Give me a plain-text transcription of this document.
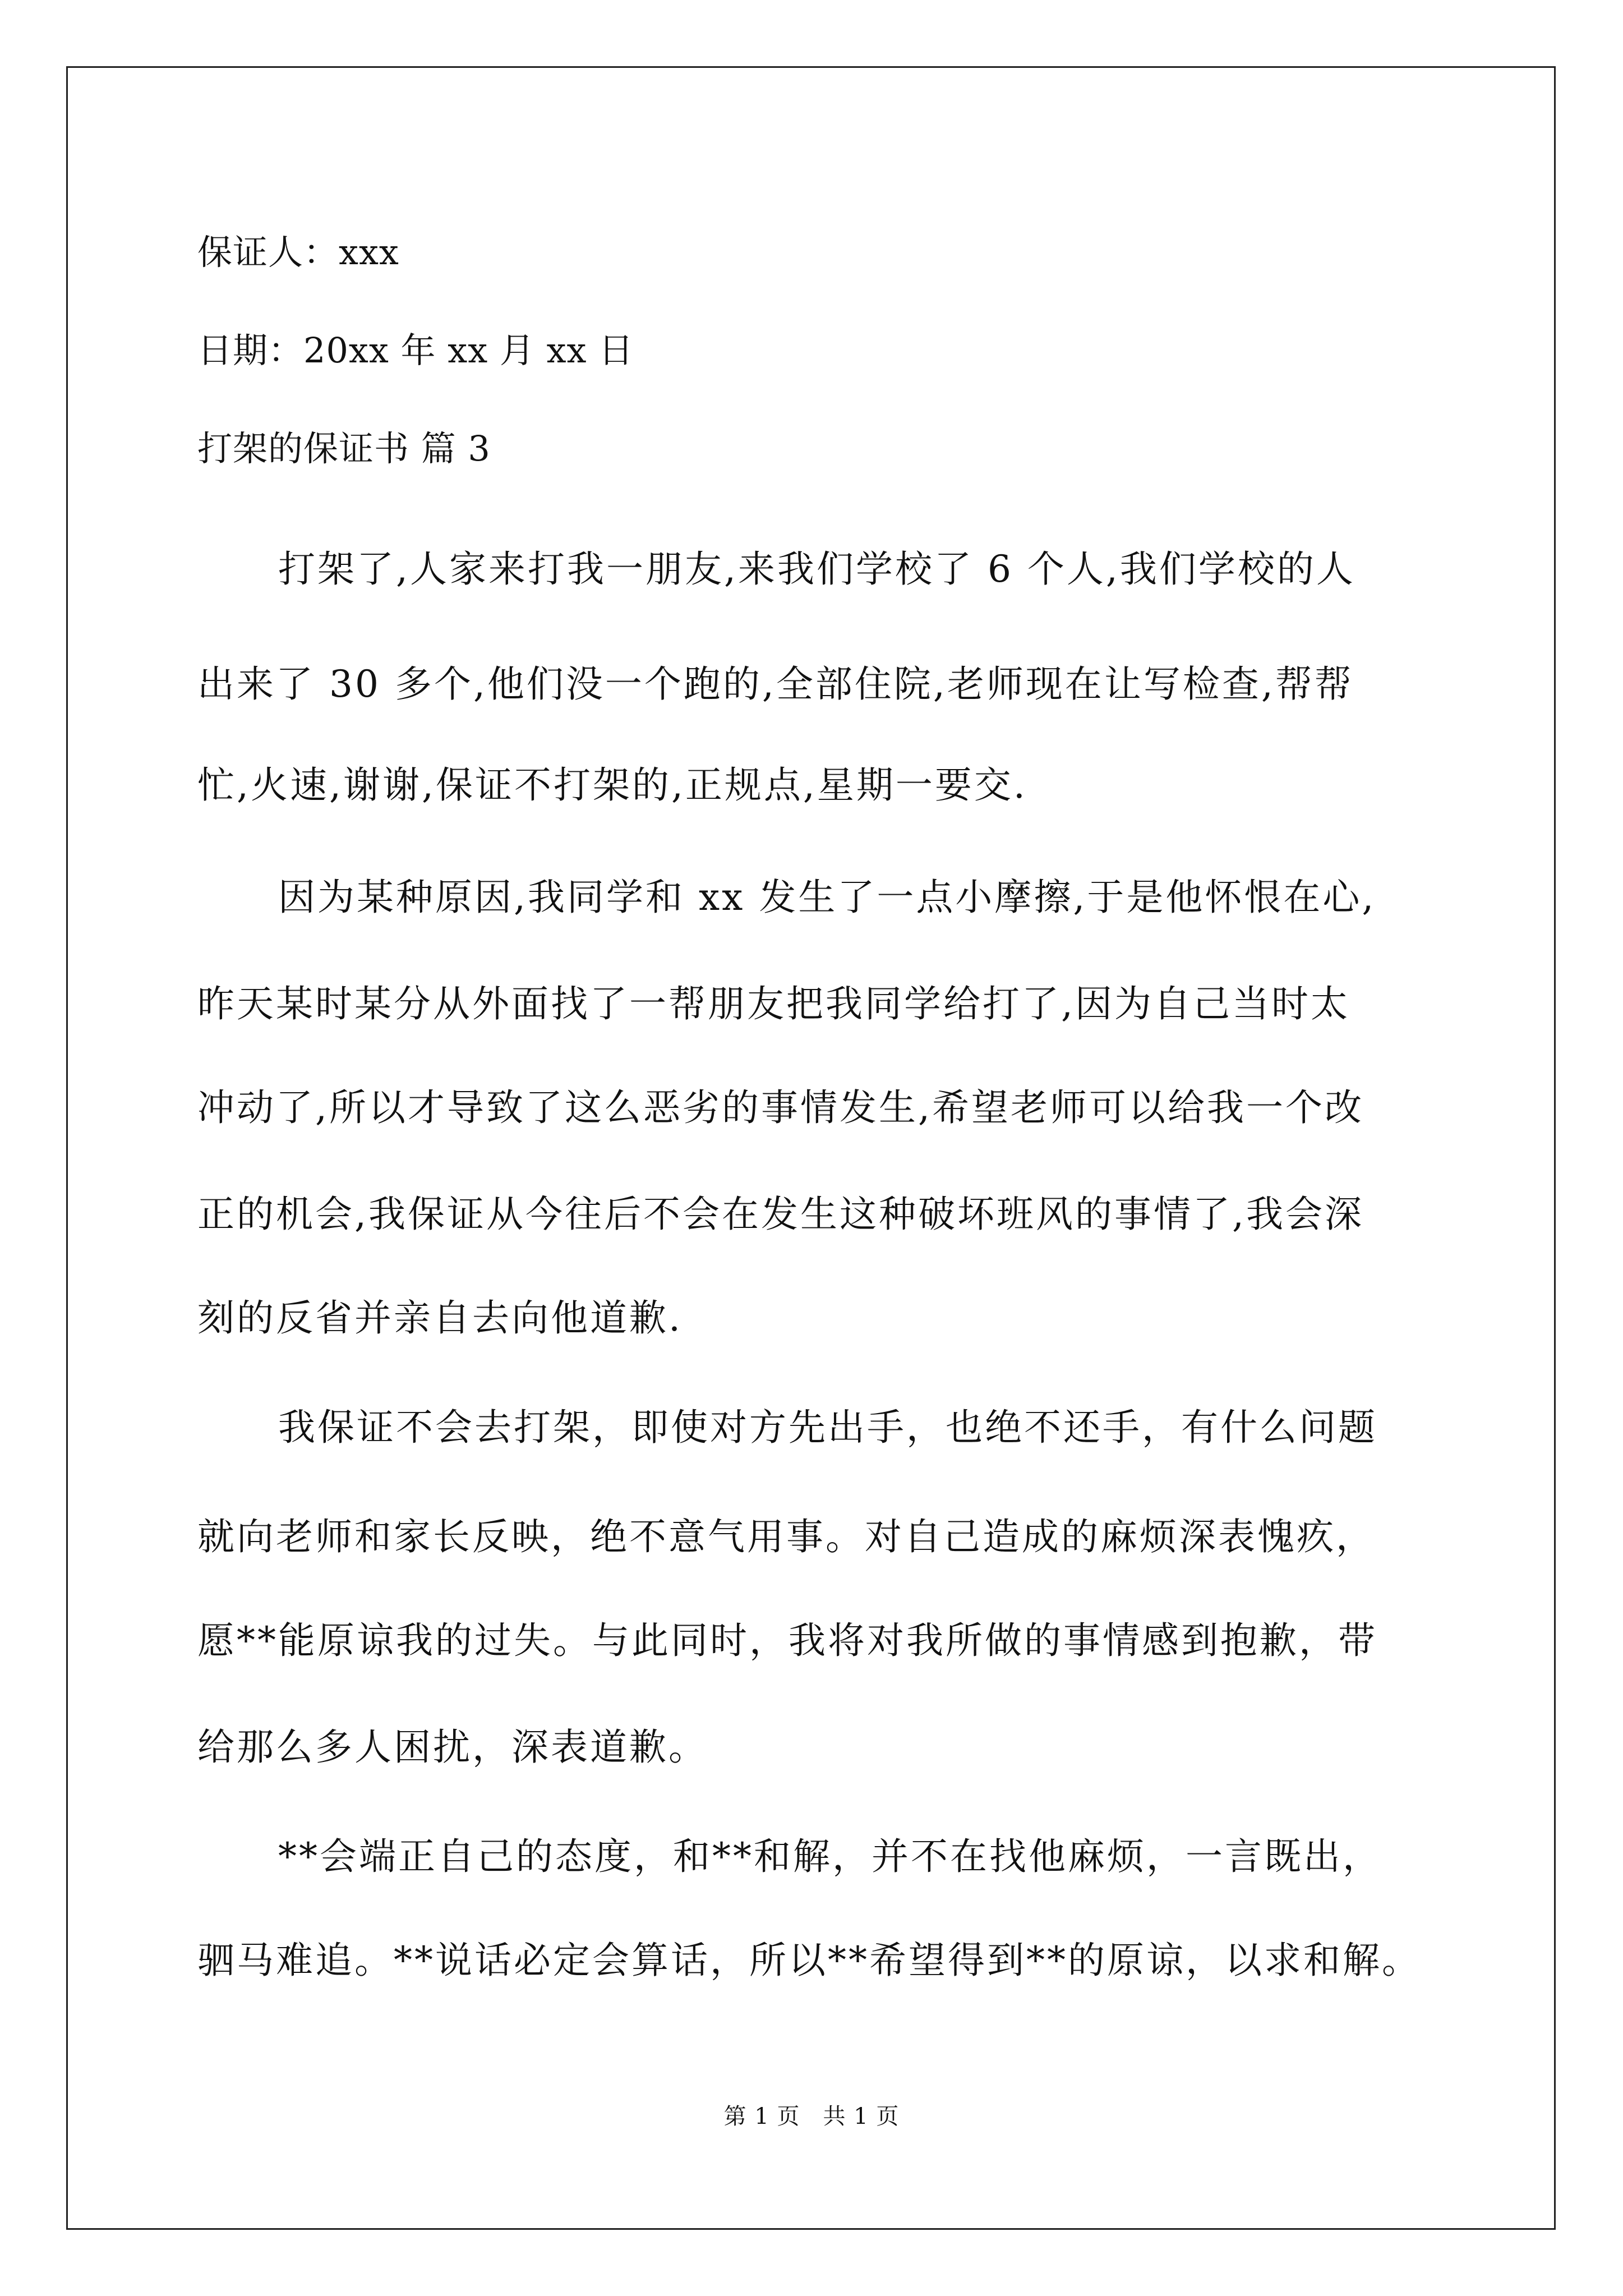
保证人：xxx
日期：20xx 年 xx 月 xx 日
打架的保证书 篇 3
打架了,人家来打我一朋友,来我们学校了 6 个人,我们学校的人
出来了 30 多个,他们没一个跑的,全部住院,老师现在让写检查,帮帮
忙,火速,谢谢,保证不打架的,正规点,星期一要交.
因为某种原因,我同学和 xx 发生了一点小摩擦,于是他怀恨在心,
昨天某时某分从外面找了一帮朋友把我同学给打了,因为自己当时太
冲动了,所以才导致了这么恶劣的事情发生,希望老师可以给我一个改
正的机会,我保证从今往后不会在发生这种破坏班风的事情了,我会深
刻的反省并亲自去向他道歉.
我保证不会去打架，即使对方先出手，也绝不还手，有什么问题
就向老师和家长反映，绝不意气用事。对自己造成的麻烦深表愧疚，
愿**能原谅我的过失。与此同时，我将对我所做的事情感到抱歉，带
给那么多人困扰，深表道歉。
**会端正自己的态度，和**和解，并不在找他麻烦，一言既出，
驷马难追。**说话必定会算话，所以**希望得到**的原谅，以求和解。
第 1 页　共 1 页
